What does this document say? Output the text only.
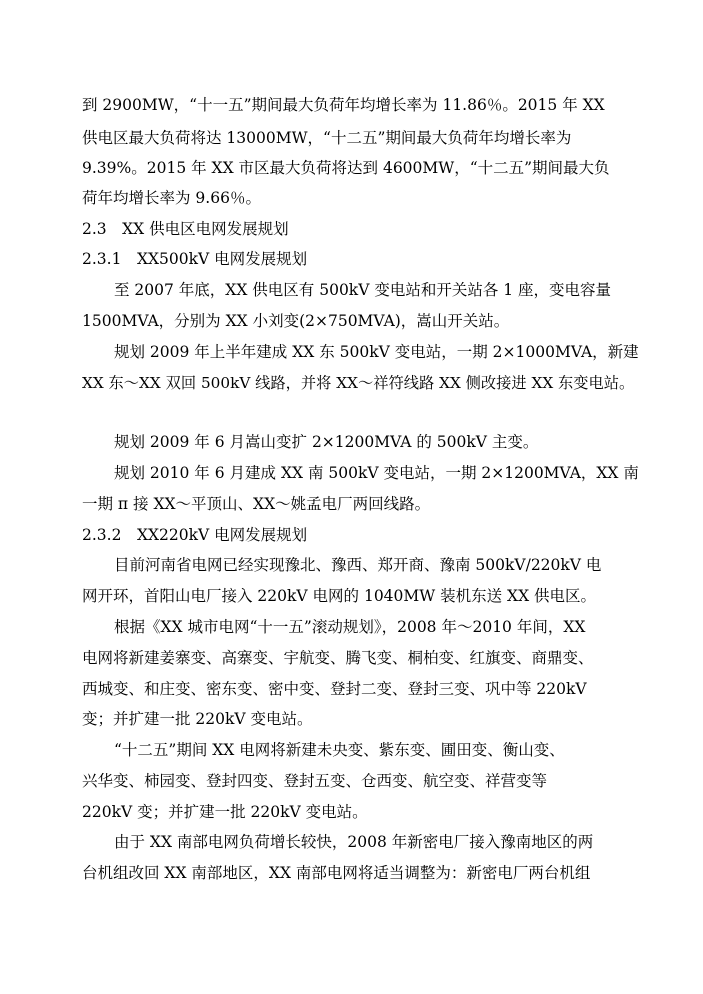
到 2900MW，“十一五”期间最大负荷年均增长率为 11.86％。2015 年 XX
供电区最大负荷将达 13000MW，“十二五”期间最大负荷年均增长率为
9.39%。2015 年 XX 市区最大负荷将达到 4600MW，“十二五”期间最大负
荷年均增长率为 9.66％。
2.3　XX 供电区电网发展规划
2.3.1　XX500kV 电网发展规划
至 2007 年底，XX 供电区有 500kV 变电站和开关站各 1 座，变电容量
1500MVA，分别为 XX 小刘变(2×750MVA)，嵩山开关站。
规划 2009 年上半年建成 XX 东 500kV 变电站，一期 2×1000MVA，新建
XX 东～XX 双回 500kV 线路，并将 XX～祥符线路 XX 侧改接进 XX 东变电站。
规划 2009 年 6 月嵩山变扩 2×1200MVA 的 500kV 主变。
规划 2010 年 6 月建成 XX 南 500kV 变电站，一期 2×1200MVA，XX 南
一期 π 接 XX～平顶山、XX～姚孟电厂两回线路。
2.3.2　XX220kV 电网发展规划
目前河南省电网已经实现豫北、豫西、郑开商、豫南 500kV/220kV 电
网开环，首阳山电厂接入 220kV 电网的 1040MW 装机东送 XX 供电区。
根据《XX 城市电网“十一五”滚动规划》，2008 年～2010 年间，XX
电网将新建姜寨变、高寨变、宇航变、腾飞变、桐柏变、红旗变、商鼎变、
西城变、和庄变、密东变、密中变、登封二变、登封三变、巩中等 220kV
变；并扩建一批 220kV 变电站。
“十二五”期间 XX 电网将新建未央变、紫东变、圃田变、衡山变、
兴华变、柿园变、登封四变、登封五变、仓西变、航空变、祥营变等
220kV 变；并扩建一批 220kV 变电站。
由于 XX 南部电网负荷增长较快，2008 年新密电厂接入豫南地区的两
台机组改回 XX 南部地区，XX 南部电网将适当调整为：新密电厂两台机组
